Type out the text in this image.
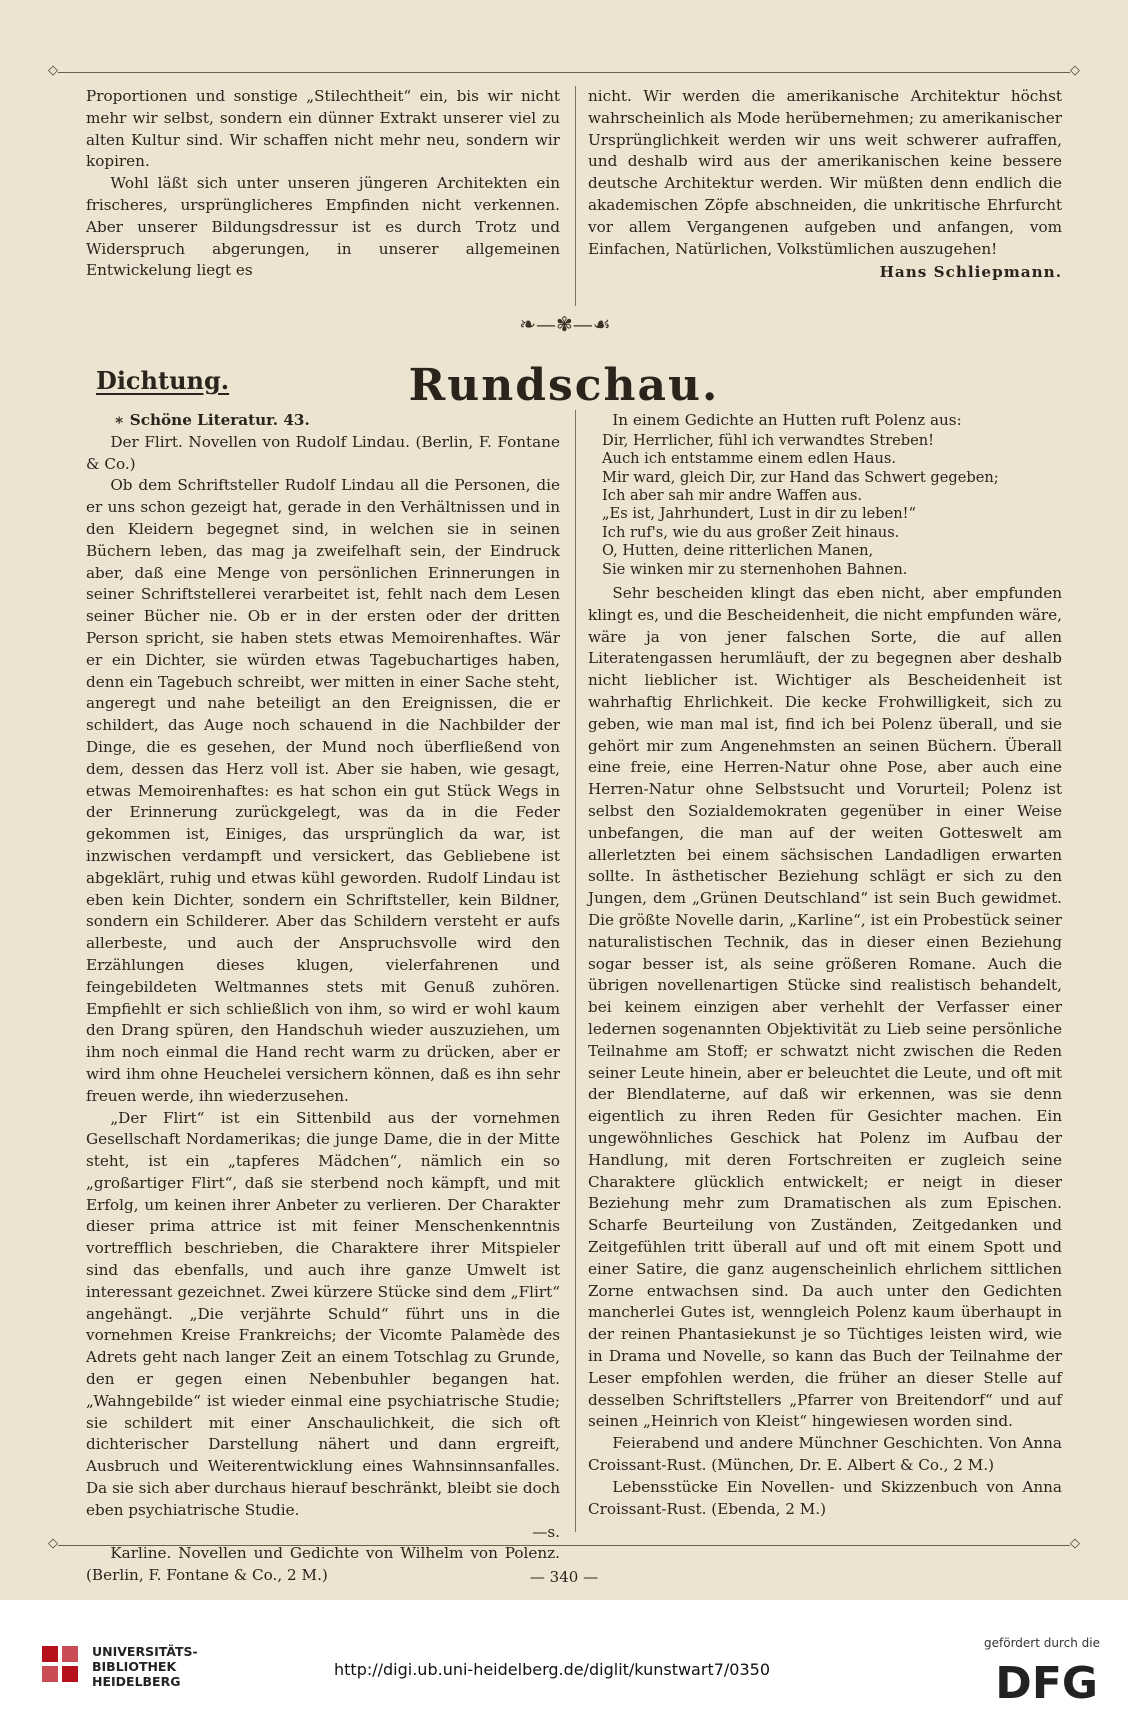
◇ ◇

Proportionen und sonstige „Stilechtheit“ ein, bis wir nicht mehr wir selbst, sondern ein dünner Extrakt unserer viel zu alten Kultur sind. Wir schaffen nicht mehr neu, sondern wir kopiren.

Wohl läßt sich unter unseren jüngeren Architekten ein frischeres, ursprünglicheres Empfinden nicht verkennen. Aber unserer Bildungsdressur ist es durch Trotz und Widerspruch abgerungen, in unserer allgemeinen Entwickelung liegt es

nicht. Wir werden die amerikanische Architektur höchst wahrscheinlich als Mode herübernehmen; zu amerikanischer Ursprünglichkeit werden wir uns weit schwerer aufraffen, und deshalb wird aus der amerikanischen keine bessere deutsche Architektur werden. Wir müßten denn endlich die akademischen Zöpfe abschneiden, die unkritische Ehrfurcht vor allem Vergangenen aufgeben und anfangen, vom Einfachen, Natürlichen, Volkstümlichen auszugehen!

Hans Schliepmann.
❧—✾—☙
Dichtung.	Rundschau.
∗ Schöne Literatur. 43.

Der Flirt. Novellen von Rudolf Lindau. (Berlin, F. Fontane & Co.)

Ob dem Schriftsteller Rudolf Lindau all die Personen, die er uns schon gezeigt hat, gerade in den Verhältnissen und in den Kleidern begegnet sind, in welchen sie in seinen Büchern leben, das mag ja zweifelhaft sein, der Eindruck aber, daß eine Menge von persönlichen Erinnerungen in seiner Schriftstellerei verarbeitet ist, fehlt nach dem Lesen seiner Bücher nie. Ob er in der ersten oder der dritten Person spricht, sie haben stets etwas Memoirenhaftes. Wär er ein Dichter, sie würden etwas Tagebuchartiges haben, denn ein Tagebuch schreibt, wer mitten in einer Sache steht, angeregt und nahe beteiligt an den Ereignissen, die er schildert, das Auge noch schauend in die Nachbilder der Dinge, die es gesehen, der Mund noch überfließend von dem, dessen das Herz voll ist. Aber sie haben, wie gesagt, etwas Memoirenhaftes: es hat schon ein gut Stück Wegs in der Erinnerung zurückgelegt, was da in die Feder gekommen ist, Einiges, das ursprünglich da war, ist inzwischen verdampft und versickert, das Gebliebene ist abgeklärt, ruhig und etwas kühl geworden. Rudolf Lindau ist eben kein Dichter, sondern ein Schriftsteller, kein Bildner, sondern ein Schilderer. Aber das Schildern versteht er aufs allerbeste, und auch der Anspruchsvolle wird den Erzählungen dieses klugen, vielerfahrenen und feingebildeten Weltmannes stets mit Genuß zuhören. Empfiehlt er sich schließlich von ihm, so wird er wohl kaum den Drang spüren, den Handschuh wieder auszuziehen, um ihm noch einmal die Hand recht warm zu drücken, aber er wird ihm ohne Heuchelei versichern können, daß es ihn sehr freuen werde, ihn wiederzusehen.

„Der Flirt“ ist ein Sittenbild aus der vornehmen Gesellschaft Nordamerikas; die junge Dame, die in der Mitte steht, ist ein „tapferes Mädchen“, nämlich ein so „großartiger Flirt“, daß sie sterbend noch kämpft, und mit Erfolg, um keinen ihrer Anbeter zu verlieren. Der Charakter dieser prima attrice ist mit feiner Menschenkenntnis vortrefflich beschrieben, die Charaktere ihrer Mitspieler sind das ebenfalls, und auch ihre ganze Umwelt ist interessant gezeichnet. Zwei kürzere Stücke sind dem „Flirt“ angehängt. „Die verjährte Schuld“ führt uns in die vornehmen Kreise Frankreichs; der Vicomte Palamède des Adrets geht nach langer Zeit an einem Totschlag zu Grunde, den er gegen einen Nebenbuhler begangen hat. „Wahngebilde“ ist wieder einmal eine psychiatrische Studie; sie schildert mit einer Anschaulichkeit, die sich oft dichterischer Darstellung nähert und dann ergreift, Ausbruch und Weiterentwicklung eines Wahnsinnsanfalles. Da sie sich aber durchaus hierauf beschränkt, bleibt sie doch eben psychiatrische Studie.

—s.

Karline. Novellen und Gedichte von Wilhelm von Polenz. (Berlin, F. Fontane & Co., 2 M.)

In einem Gedichte an Hutten ruft Polenz aus:

Dir, Herrlicher, fühl ich verwandtes Streben!
Auch ich entstamme einem edlen Haus.
Mir ward, gleich Dir, zur Hand das Schwert gegeben;
Ich aber sah mir andre Waffen aus.
„Es ist, Jahrhundert, Lust in dir zu leben!“
Ich ruf's, wie du aus großer Zeit hinaus.
O, Hutten, deine ritterlichen Manen,
Sie winken mir zu sternenhohen Bahnen.

Sehr bescheiden klingt das eben nicht, aber empfunden klingt es, und die Bescheidenheit, die nicht empfunden wäre, wäre ja von jener falschen Sorte, die auf allen Literatengassen herumläuft, der zu begegnen aber deshalb nicht lieblicher ist. Wichtiger als Bescheidenheit ist wahrhaftig Ehrlichkeit. Die kecke Frohwilligkeit, sich zu geben, wie man mal ist, find ich bei Polenz überall, und sie gehört mir zum Angenehmsten an seinen Büchern. Überall eine freie, eine Herren-Natur ohne Pose, aber auch eine Herren-Natur ohne Selbstsucht und Vorurteil; Polenz ist selbst den Sozialdemokraten gegenüber in einer Weise unbefangen, die man auf der weiten Gotteswelt am allerletzten bei einem sächsischen Landadligen erwarten sollte. In ästhetischer Beziehung schlägt er sich zu den Jungen, dem „Grünen Deutschland“ ist sein Buch gewidmet. Die größte Novelle darin, „Karline“, ist ein Probestück seiner naturalistischen Technik, das in dieser einen Beziehung sogar besser ist, als seine größeren Romane. Auch die übrigen novellenartigen Stücke sind realistisch behandelt, bei keinem einzigen aber verhehlt der Verfasser einer ledernen sogenannten Objektivität zu Lieb seine persönliche Teilnahme am Stoff; er schwatzt nicht zwischen die Reden seiner Leute hinein, aber er beleuchtet die Leute, und oft mit der Blendlaterne, auf daß wir erkennen, was sie denn eigentlich zu ihren Reden für Gesichter machen. Ein ungewöhnliches Geschick hat Polenz im Aufbau der Handlung, mit deren Fortschreiten er zugleich seine Charaktere glücklich entwickelt; er neigt in dieser Beziehung mehr zum Dramatischen als zum Epischen. Scharfe Beurteilung von Zuständen, Zeitgedanken und Zeitgefühlen tritt überall auf und oft mit einem Spott und einer Satire, die ganz augenscheinlich ehrlichem sittlichen Zorne entwachsen sind. Da auch unter den Gedichten mancherlei Gutes ist, wenngleich Polenz kaum überhaupt in der reinen Phantasiekunst je so Tüchtiges leisten wird, wie in Drama und Novelle, so kann das Buch der Teilnahme der Leser empfohlen werden, die früher an dieser Stelle auf desselben Schriftstellers „Pfarrer von Breitendorf“ und auf seinen „Heinrich von Kleist“ hingewiesen worden sind.

Feierabend und andere Münchner Geschichten. Von Anna Croissant-Rust. (München, Dr. E. Albert & Co., 2 M.)

Lebensstücke Ein Novellen- und Skizzenbuch von Anna Croissant-Rust. (Ebenda, 2 M.)

◇ ◇
— 340 —
UNIVERSITÄTS-
BIBLIOTHEK
HEIDELBERG
http://digi.ub.uni-heidelberg.de/diglit/kunstwart7/0350
gefördert durch die
DFG
